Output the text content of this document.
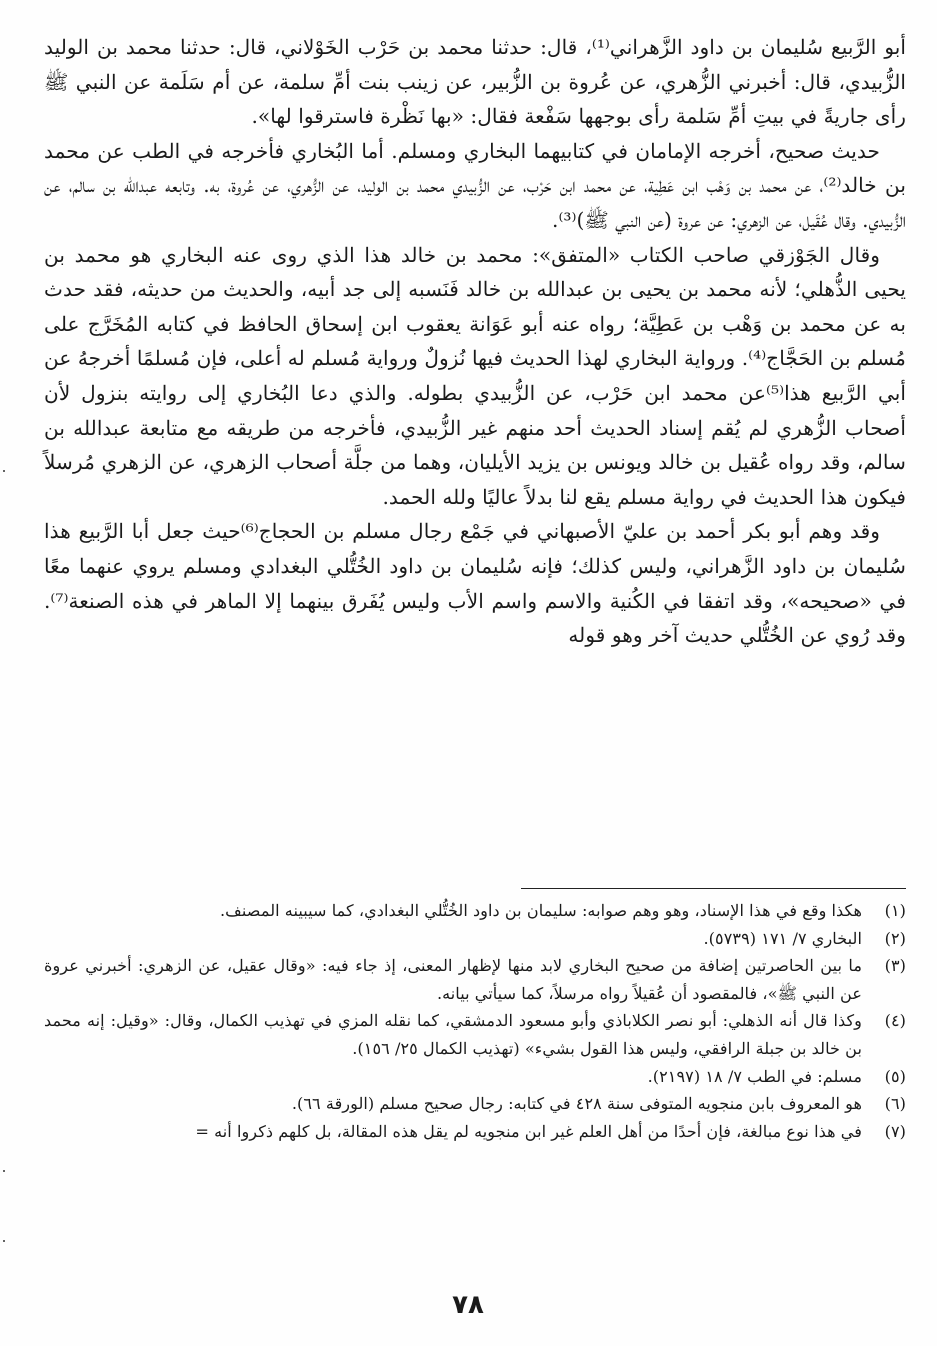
أبو الرَّبيع سُليمان بن داود الزَّهراني⁽¹⁾، قال: حدثنا محمد بن حَرْب الخَوْلاني، قال: حدثنا محمد بن الوليد الزُّبيدي، قال: أخبرني الزُّهري، عن عُروة بن الزُّبير، عن زينب بنت أمِّ سلمة، عن أم سَلَمة عن النبي ﷺ رأى جاريةً في بيتِ أمِّ سَلمة رأى بوجهها سَفْعة فقال: «بها نَظْرة فاسترقوا لها».

حديث صحيح، أخرجه الإمامان في كتابيهما البخاري ومسلم. أما البُخاري فأخرجه في الطب عن محمد بن خالد⁽²⁾، عن محمد بن وَهْب ابن عَطِية، عن محمد ابن حَرْب، عن الزُّبيدي محمد بن الوليد، عن الزُّهري، عن عُروة، به. وتابعه عبدالله بن سالم، عن الزُّبيدي. وقال عُقَيل، عن الزهري: عن عروة (عن النبي ﷺ)⁽³⁾.

وقال الجَوْزقي صاحب الكتاب «المتفق»: محمد بن خالد هذا الذي روى عنه البخاري هو محمد بن يحيى الذُّهلي؛ لأنه محمد بن يحيى بن عبدالله بن خالد فَنَسبه إلى جد أبيه، والحديث من حديثه، فقد حدث به عن محمد بن وَهْب بن عَطِيَّة؛ رواه عنه أبو عَوَانة يعقوب ابن إسحاق الحافظ في كتابه المُخَرَّج على مُسلم بن الحَجَّاج⁽⁴⁾. ورواية البخاري لهذا الحديث فيها نُزولٌ ورواية مُسلم له أعلى، فإن مُسلمًا أخرجهُ عن أبي الرَّبيع هذا⁽⁵⁾عن محمد ابن حَرْب، عن الزُّبيدي بطوله. والذي دعا البُخاري إلى روايته بنزول لأن أصحاب الزُّهري لم يُقم إسناد الحديث أحد منهم غير الزُّبيدي، فأخرجه من طريقه مع متابعة عبدالله بن سالم، وقد رواه عُقيل بن خالد ويونس بن يزيد الأيليان، وهما من جلَّة أصحاب الزهري، عن الزهري مُرسلاً فيكون هذا الحديث في رواية مسلم يقع لنا بدلاً عاليًا ولله الحمد.

وقد وهم أبو بكر أحمد بن عليّ الأصبهاني في جَمْع رجال مسلم بن الحجاج⁽⁶⁾حيث جعل أبا الرَّبيع هذا سُليمان بن داود الزَّهراني، وليس كذلك؛ فإنه سُليمان بن داود الخُتُّلي البغدادي ومسلم يروي عنهما معًا في «صحيحه»، وقد اتفقا في الكُنية والاسم واسم الأب وليس يُفَرق بينهما إلا الماهر في هذه الصنعة⁽⁷⁾. وقد رُوي عن الخُتُّلي حديث آخر وهو قوله

(١)
هكذا وقع في هذا الإسناد، وهو وهم صوابه: سليمان بن داود الخُتُّلي البغدادي، كما سيبينه المصنف.
(٢)
البخاري ٧/ ١٧١ (٥٧٣٩).
(٣)
ما بين الحاصرتين إضافة من صحيح البخاري لابد منها لإظهار المعنى، إذ جاء فيه: «وقال عقيل، عن الزهري: أخبرني عروة عن النبي ﷺ»، فالمقصود أن عُقيلاً رواه مرسلاً، كما سيأتي بيانه.
(٤)
وكذا قال أنه الذهلي: أبو نصر الكلاباذي وأبو مسعود الدمشقي، كما نقله المزي في تهذيب الكمال، وقال: «وقيل: إنه محمد بن خالد بن جبلة الرافقي، وليس هذا القول بشيء» (تهذيب الكمال ٢٥/ ١٥٦).
(٥)
مسلم: في الطب ٧/ ١٨ (٢١٩٧).
(٦)
هو المعروف بابن منجويه المتوفى سنة ٤٢٨ في كتابه: رجال صحيح مسلم (الورقة ٦٦).
(٧)
في هذا نوع مبالغة، فإن أحدًا من أهل العلم غير ابن منجويه لم يقل هذه المقالة، بل كلهم ذكروا أنه =
٧٨
